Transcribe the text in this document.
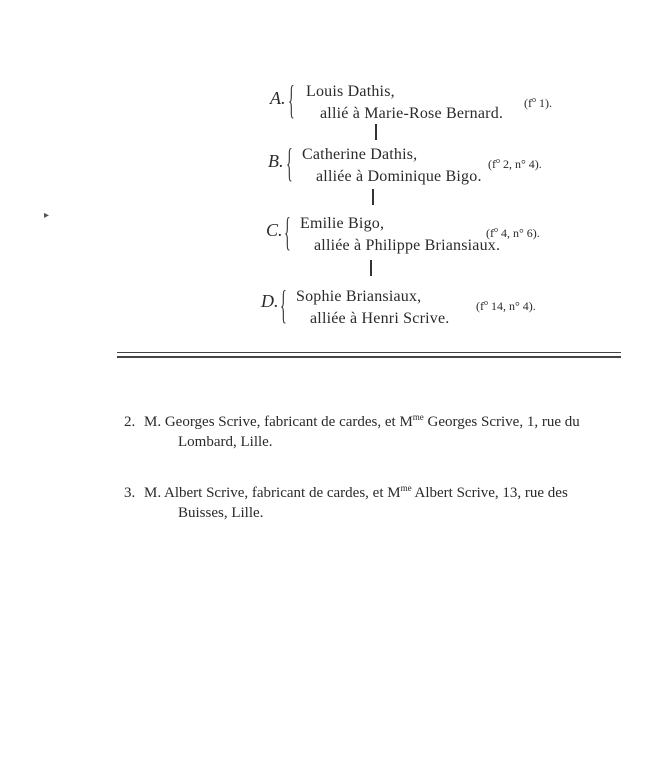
A. { Louis Dathis,
allié à Marie-Rose Bernard.
($f^o$ 1).
B. { Catherine Dathis,
alliée à Dominique Bigo.
($f^o$ 2, n° 4).
C. { Emilie Bigo,
alliée à Philippe Briansiaux.
($f^o$ 4, n° 6).
D. { Sophie Briansiaux,
alliée à Henri Scrive.
($f^o$ 14, n° 4).
2. M. Georges Scrive, fabricant de cardes, et $M^{me}$ Georges Scrive, 1, rue du
Lombard, Lille.
3. M. Albert Scrive, fabricant de cardes, et $M^{me}$ Albert Scrive, 13, rue des
Buisses, Lille.
▸
